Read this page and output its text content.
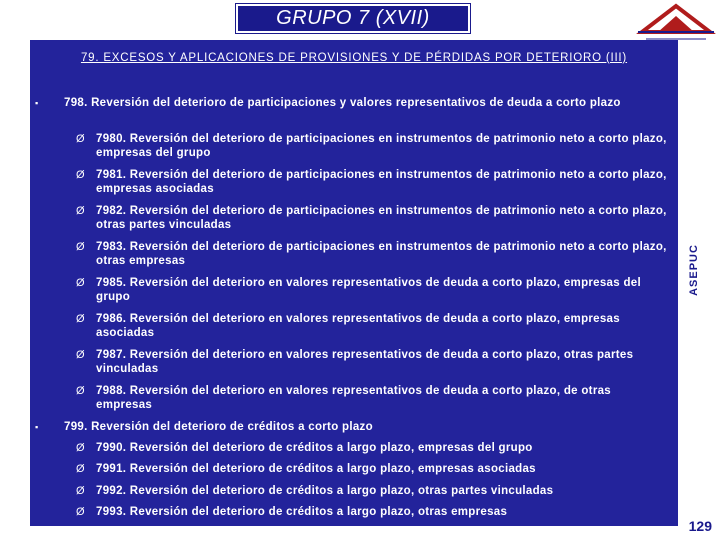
GRUPO 7 (XVII)
79. EXCESOS Y APLICACIONES DE PROVISIONES Y DE PÉRDIDAS POR DETERIORO (III)
▪	798. Reversión del deterioro de participaciones y valores representativos de deuda a corto plazo
Ø 7980. Reversión del deterioro de participaciones en instrumentos de patrimonio neto a corto plazo, empresas del grupo
Ø 7981. Reversión del deterioro de participaciones en instrumentos de patrimonio neto a corto plazo, empresas asociadas
Ø 7982. Reversión del deterioro de participaciones en instrumentos de patrimonio neto a corto plazo, otras partes vinculadas
Ø 7983. Reversión del deterioro de participaciones en instrumentos de patrimonio neto a corto plazo, otras empresas
Ø 7985. Reversión del deterioro en valores representativos de deuda a corto plazo, empresas del grupo
Ø 7986. Reversión del deterioro en valores representativos de deuda a corto plazo, empresas asociadas
Ø 7987. Reversión del deterioro en valores representativos de deuda a corto plazo, otras partes vinculadas
Ø 7988. Reversión del deterioro en valores representativos de deuda a corto plazo, de otras empresas
▪	799. Reversión del deterioro de créditos a corto plazo
Ø 7990. Reversión del deterioro de créditos a largo plazo, empresas del grupo
Ø 7991. Reversión del deterioro de créditos a largo plazo, empresas asociadas
Ø 7992. Reversión del deterioro de créditos a largo plazo, otras partes vinculadas
Ø 7993. Reversión del deterioro de créditos a largo plazo, otras empresas
ASEPUC
129
